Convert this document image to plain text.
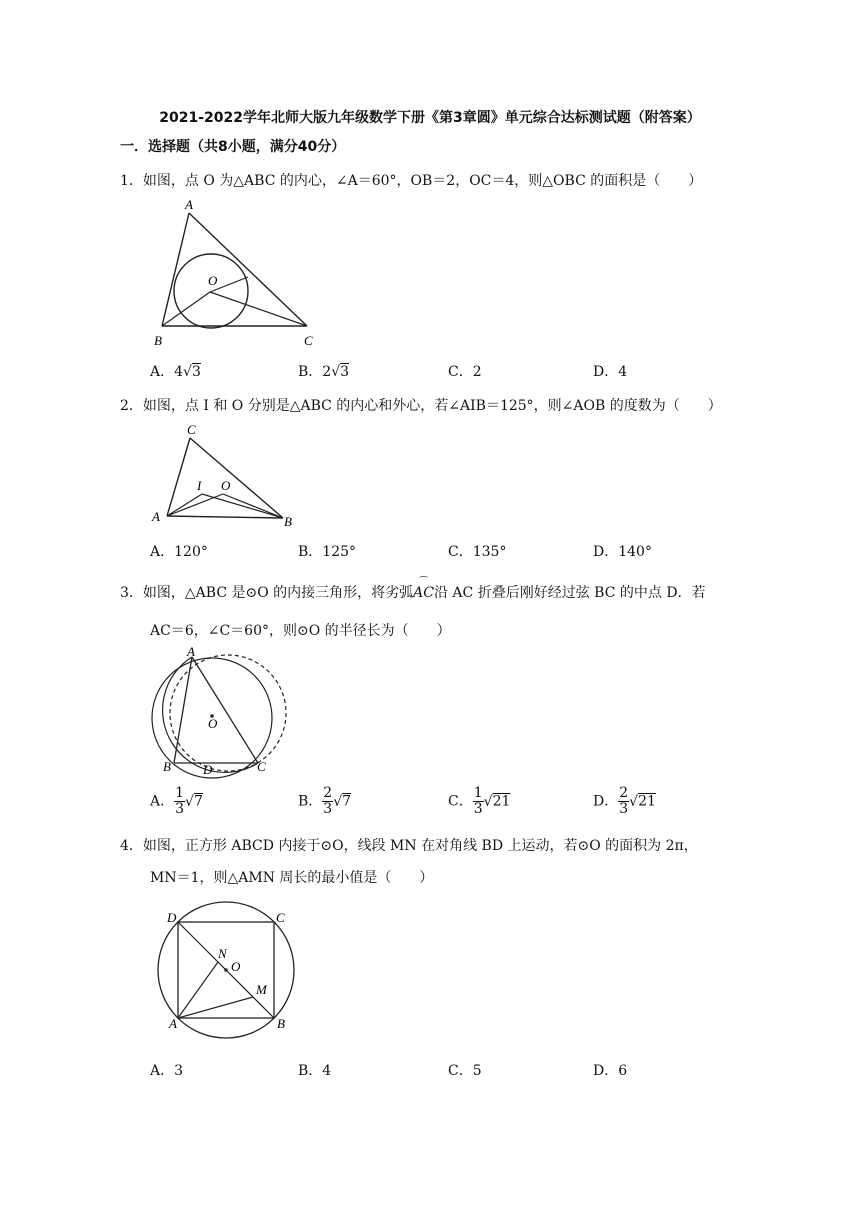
2021-2022学年北师大版九年级数学下册《第3章圆》单元综合达标测试题（附答案）
一．选择题（共8小题，满分40分）
1．如图，点 O 为△ABC 的内心，∠A＝60°，OB＝2，OC＝4，则△OBC 的面积是（　　）
A
B	C
O
A．4√3	B．2√3	C．2	D．4
2．如图，点 I 和 O 分别是△ABC 的内心和外心，若∠AIB＝125°，则∠AOB 的度数为（　　）
C
A	B
I O
A．120°	B．125°	C．135°	D．140°
3．如图，△ABC 是⊙O 的内接三角形，将劣弧
⌒
AC沿 AC 折叠后刚好经过弦 BC 的中点 D．若
AC＝6，∠C＝60°，则⊙O 的半径长为（　　）
A
B	C
D
O
A． $\frac{1}{3} √7$	B． $\frac{2}{3} √7$	C． $\frac{1}{3} √21$	D． $\frac{2}{3} √21$
4．如图，正方形 ABCD 内接于⊙O，线段 MN 在对角线 BD 上运动，若⊙O 的面积为 2π，
MN＝1，则△AMN 周长的最小值是（　　）
D	C
A	B
N
O
M
A．3	B．4	C．5	D．6
